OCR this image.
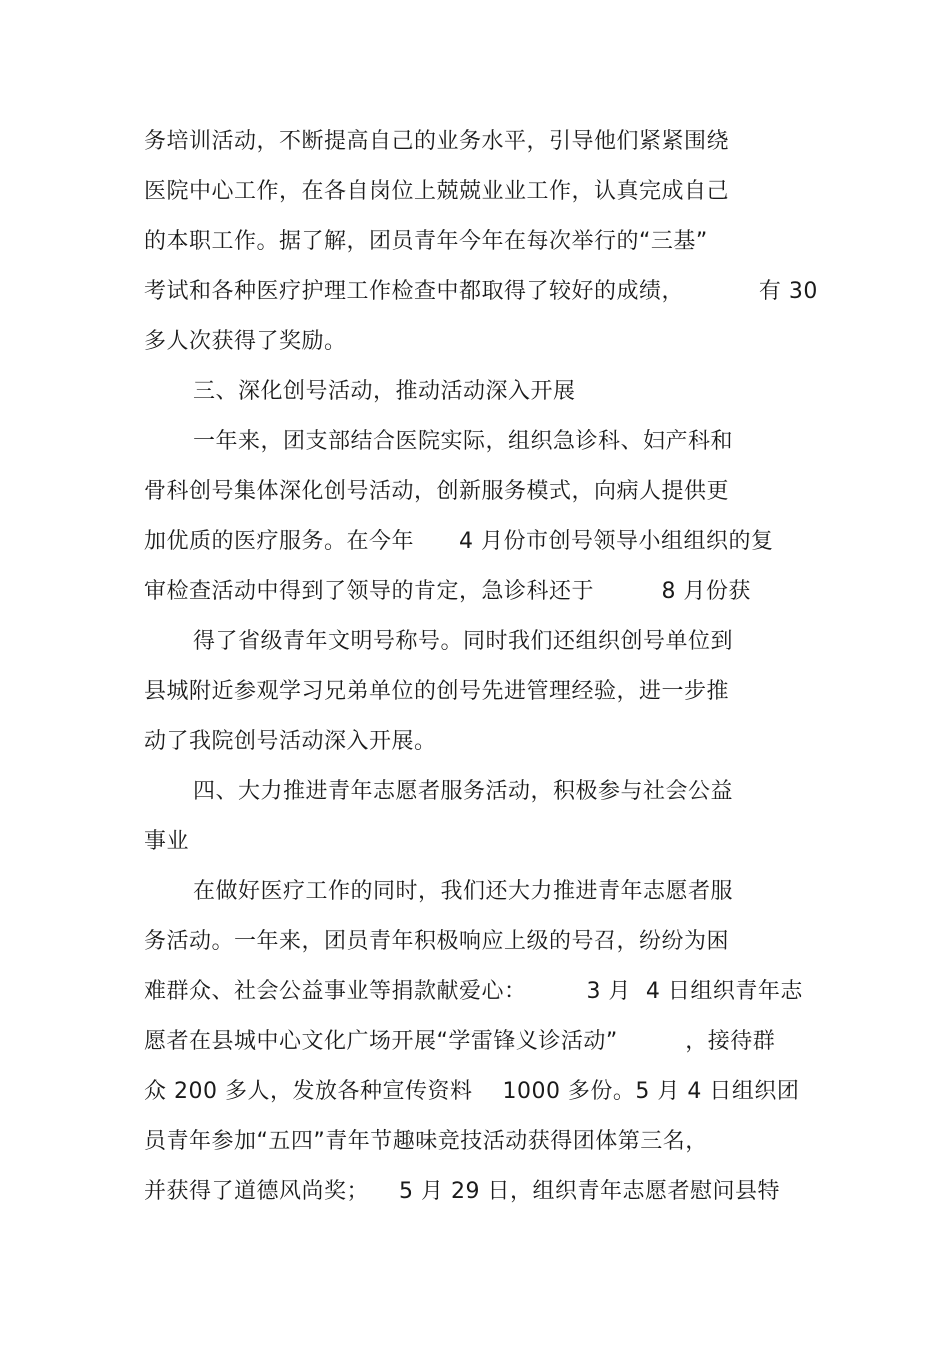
务培训活动，不断提高自己的业务水平，引导他们紧紧围绕
医院中心工作，在各自岗位上兢兢业业工作，认真完成自己
的本职工作。据了解，团员青年今年在每次举行的“三基”
考试和各种医疗护理工作检查中都取得了较好的成绩，          有 30
多人次获得了奖励。
三、深化创号活动，推动活动深入开展
一年来，团支部结合医院实际，组织急诊科、妇产科和
骨科创号集体深化创号活动，创新服务模式，向病人提供更
加优质的医疗服务。在今年      4 月份市创号领导小组组织的复
审检查活动中得到了领导的肯定，急诊科还于         8 月份获
得了省级青年文明号称号。同时我们还组织创号单位到
县城附近参观学习兄弟单位的创号先进管理经验，进一步推
动了我院创号活动深入开展。
四、大力推进青年志愿者服务活动，积极参与社会公益
事业
在做好医疗工作的同时，我们还大力推进青年志愿者服
务活动。一年来，团员青年积极响应上级的号召，纷纷为困
难群众、社会公益事业等捐款献爱心：        3 月  4 日组织青年志
愿者在县城中心文化广场开展“学雷锋义诊活动”         ，接待群
众 200 多人，发放各种宣传资料    1000 多份。5 月 4 日组织团
员青年参加“五四”青年节趣味竞技活动获得团体第三名，
并获得了道德风尚奖；    5 月 29 日，组织青年志愿者慰问县特
